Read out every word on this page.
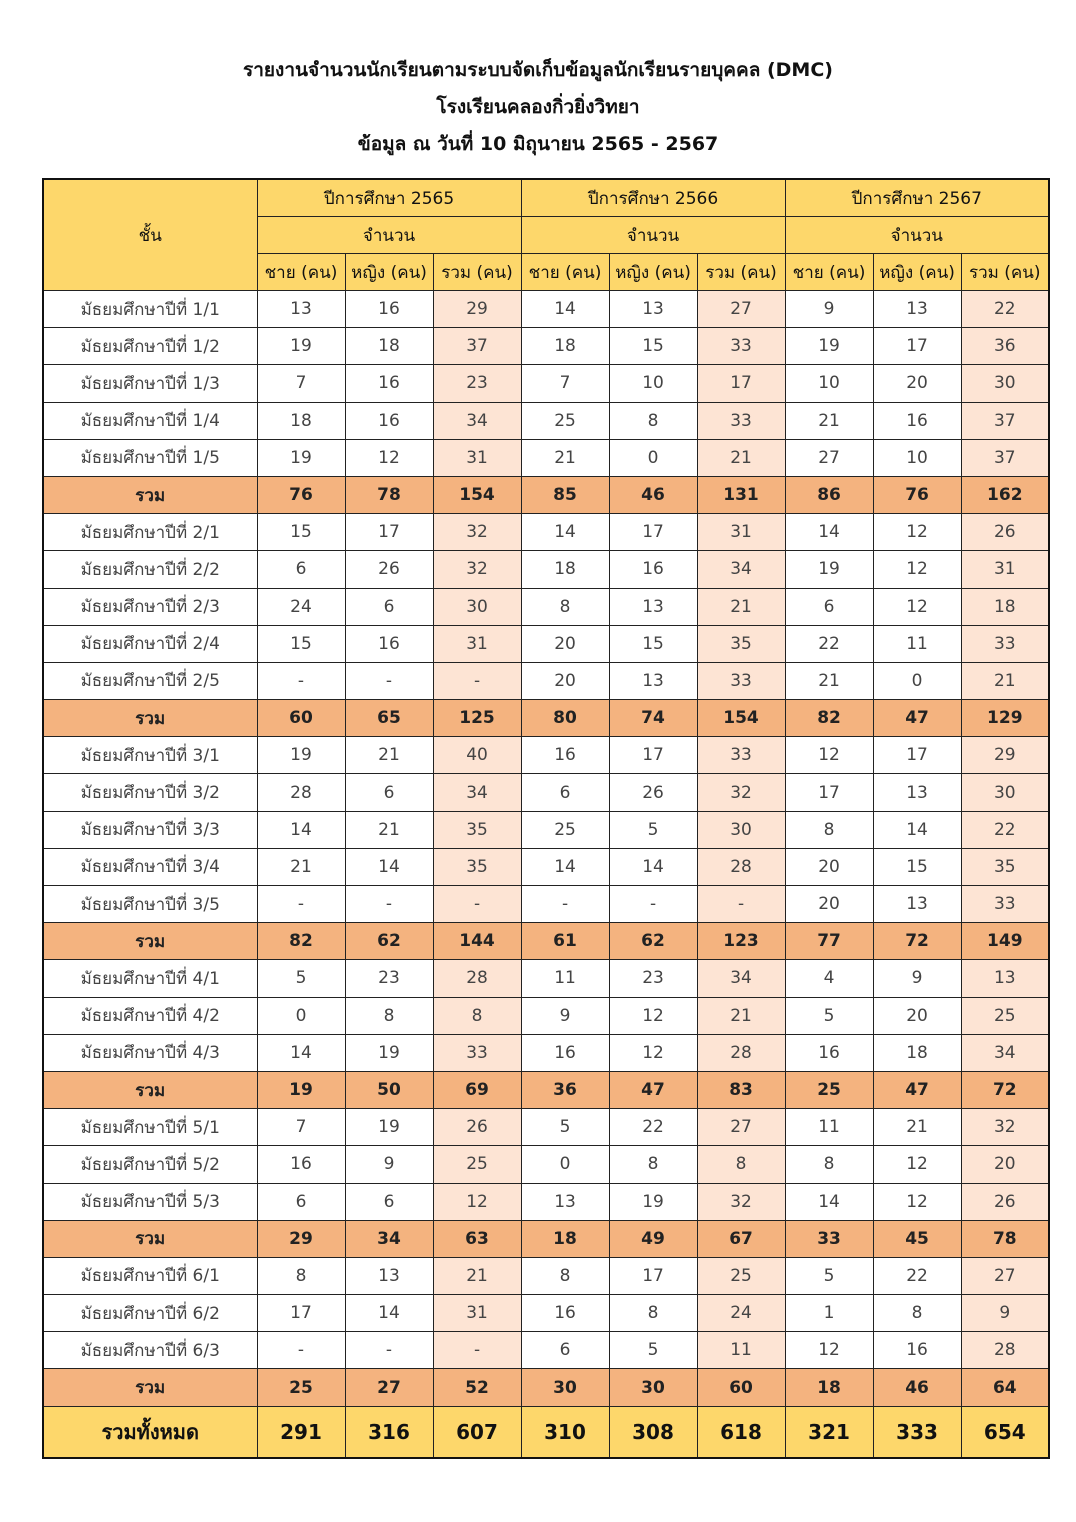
รายงานจำนวนนักเรียนตามระบบจัดเก็บข้อมูลนักเรียนรายบุคคล (DMC)
โรงเรียนคลองกิ่วยิ่งวิทยา
ข้อมูล ณ วันที่ 10 มิถุนายน 2565 - 2567
ชั้น	ปีการศึกษา 2565			ปีการศึกษา 2566			ปีการศึกษา 2567		
	จำนวน			จำนวน			จำนวน		
	ชาย (คน)	หญิง (คน)	รวม (คน)	ชาย (คน)	หญิง (คน)	รวม (คน)	ชาย (คน)	หญิง (คน)	รวม (คน)
มัธยมศึกษาปีที่ 1/1	13	16	29	14	13	27	9	13	22
มัธยมศึกษาปีที่ 1/2	19	18	37	18	15	33	19	17	36
มัธยมศึกษาปีที่ 1/3	7	16	23	7	10	17	10	20	30
มัธยมศึกษาปีที่ 1/4	18	16	34	25	8	33	21	16	37
มัธยมศึกษาปีที่ 1/5	19	12	31	21	0	21	27	10	37
รวม	76	78	154	85	46	131	86	76	162
มัธยมศึกษาปีที่ 2/1	15	17	32	14	17	31	14	12	26
มัธยมศึกษาปีที่ 2/2	6	26	32	18	16	34	19	12	31
มัธยมศึกษาปีที่ 2/3	24	6	30	8	13	21	6	12	18
มัธยมศึกษาปีที่ 2/4	15	16	31	20	15	35	22	11	33
มัธยมศึกษาปีที่ 2/5	-	-	-	20	13	33	21	0	21
รวม	60	65	125	80	74	154	82	47	129
มัธยมศึกษาปีที่ 3/1	19	21	40	16	17	33	12	17	29
มัธยมศึกษาปีที่ 3/2	28	6	34	6	26	32	17	13	30
มัธยมศึกษาปีที่ 3/3	14	21	35	25	5	30	8	14	22
มัธยมศึกษาปีที่ 3/4	21	14	35	14	14	28	20	15	35
มัธยมศึกษาปีที่ 3/5	-	-	-	-	-	-	20	13	33
รวม	82	62	144	61	62	123	77	72	149
มัธยมศึกษาปีที่ 4/1	5	23	28	11	23	34	4	9	13
มัธยมศึกษาปีที่ 4/2	0	8	8	9	12	21	5	20	25
มัธยมศึกษาปีที่ 4/3	14	19	33	16	12	28	16	18	34
รวม	19	50	69	36	47	83	25	47	72
มัธยมศึกษาปีที่ 5/1	7	19	26	5	22	27	11	21	32
มัธยมศึกษาปีที่ 5/2	16	9	25	0	8	8	8	12	20
มัธยมศึกษาปีที่ 5/3	6	6	12	13	19	32	14	12	26
รวม	29	34	63	18	49	67	33	45	78
มัธยมศึกษาปีที่ 6/1	8	13	21	8	17	25	5	22	27
มัธยมศึกษาปีที่ 6/2	17	14	31	16	8	24	1	8	9
มัธยมศึกษาปีที่ 6/3	-	-	-	6	5	11	12	16	28
รวม	25	27	52	30	30	60	18	46	64
รวมทั้งหมด	291	316	607	310	308	618	321	333	654
